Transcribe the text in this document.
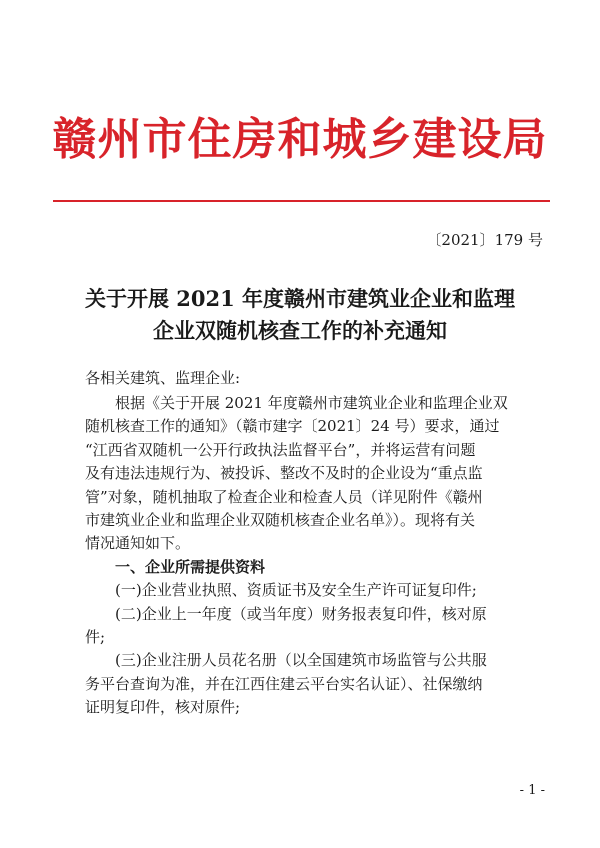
赣州市住房和城乡建设局
〔2021〕179 号
关于开展 2021 年度赣州市建筑业企业和监理
企业双随机核查工作的补充通知
各相关建筑、监理企业:
根据《关于开展 2021 年度赣州市建筑业企业和监理企业双
随机核查工作的通知》（赣市建字〔2021〕24 号）要求，通过
“江西省双随机一公开行政执法监督平台”，并将运营有问题
及有违法违规行为、被投诉、整改不及时的企业设为“重点监
管”对象，随机抽取了检查企业和检查人员（详见附件《赣州
市建筑业企业和监理企业双随机核查企业名单》）。现将有关
情况通知如下。
一、企业所需提供资料
(一)企业营业执照、资质证书及安全生产许可证复印件;
(二)企业上一年度（或当年度）财务报表复印件，核对原
件;
(三)企业注册人员花名册（以全国建筑市场监管与公共服
务平台查询为准，并在江西住建云平台实名认证）、社保缴纳
证明复印件，核对原件;
- 1 -
